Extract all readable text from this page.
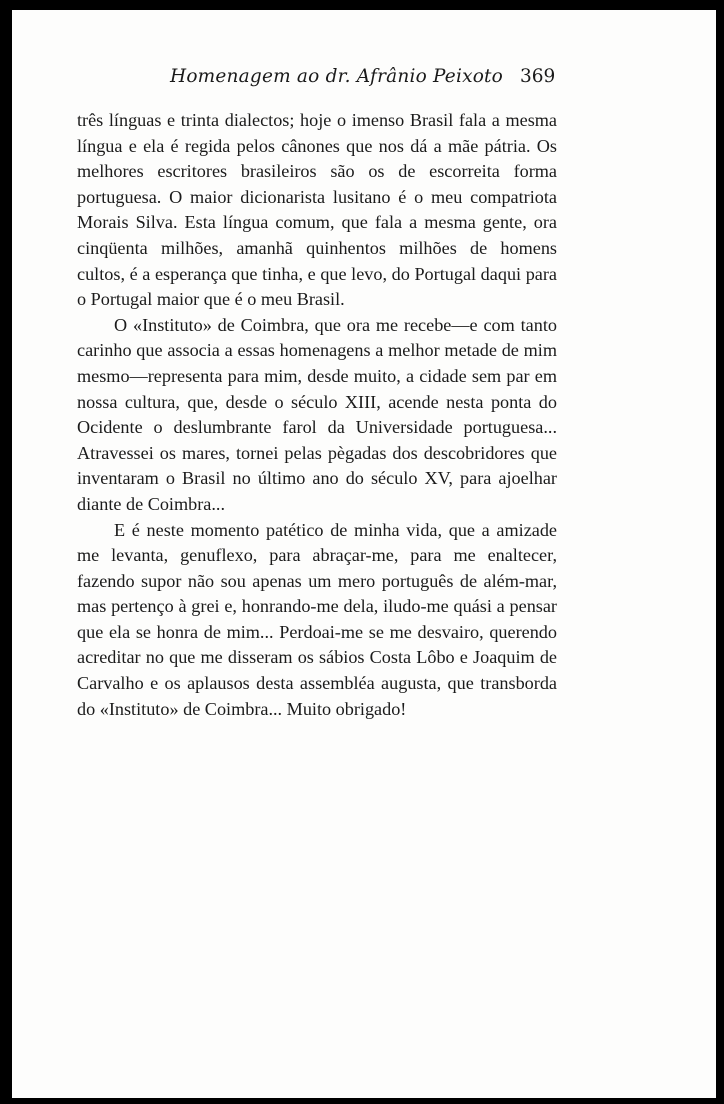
Homenagem ao dr. Afrânio Peixoto 369

três línguas e trinta dialectos; hoje o imenso Brasil fala a mesma língua e ela é regida pelos cânones que nos dá a mãe pátria. Os melhores escritores brasileiros são os de escorreita forma portuguesa. O maior dicionarista lusitano é o meu compatriota Morais Silva. Esta língua comum, que fala a mesma gente, ora cinqüenta milhões, amanhã quinhentos milhões de homens cultos, é a esperança que tinha, e que levo, do Portugal daqui para o Portugal maior que é o meu Brasil.

O «Instituto» de Coimbra, que ora me recebe—e com tanto carinho que associa a essas homenagens a melhor metade de mim mesmo—representa para mim, desde muito, a cidade sem par em nossa cultura, que, desde o século XIII, acende nesta ponta do Ocidente o deslumbrante farol da Universidade portuguesa... Atravessei os mares, tornei pelas pègadas dos descobridores que inventaram o Brasil no último ano do século XV, para ajoelhar diante de Coimbra...

E é neste momento patético de minha vida, que a amizade me levanta, genuflexo, para abraçar-me, para me enaltecer, fazendo supor não sou apenas um mero português de além-mar, mas pertenço à grei e, honrando-me dela, iludo-me quási a pensar que ela se honra de mim... Perdoai-me se me desvairo, querendo acreditar no que me disseram os sábios Costa Lôbo e Joaquim de Carvalho e os aplausos desta assembléa augusta, que transborda do «Instituto» de Coimbra... Muito obrigado!
